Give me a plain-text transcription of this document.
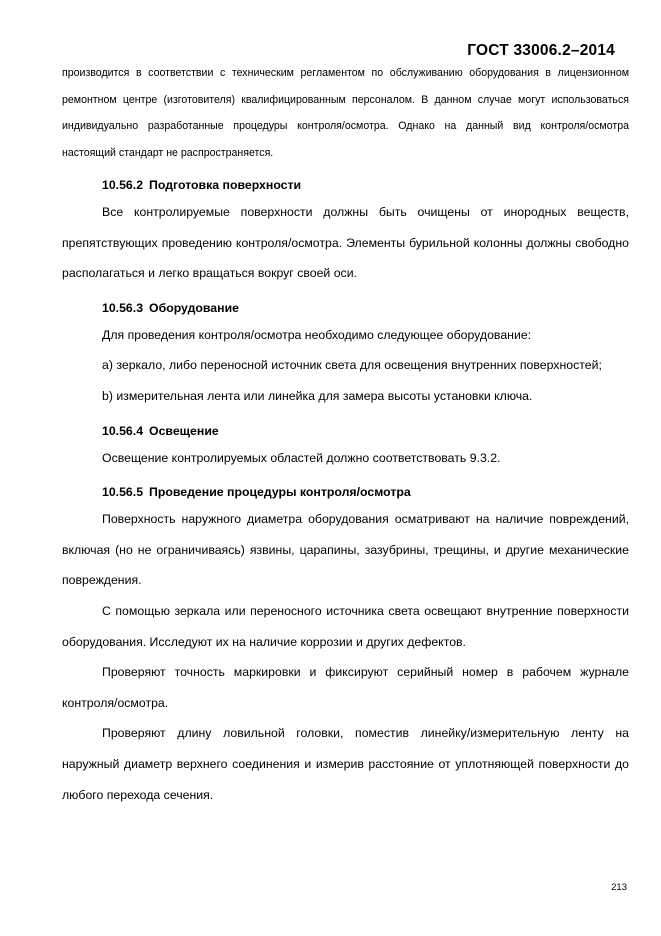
ГОСТ 33006.2–2014

производится в соответствии с техническим регламентом по обслуживанию оборудования в лицензионном

ремонтном центре (изготовителя) квалифицированным персоналом. В данном случае могут использоваться

индивидуально разработанные процедуры контроля/осмотра. Однако на данный вид контроля/осмотра

настоящий стандарт не распространяется.

10.56.2 Подготовка поверхности

Все контролируемые поверхности должны быть очищены от инородных веществ, препятствующих проведению контроля/осмотра. Элементы бурильной колонны должны свободно располагаться и легко вращаться вокруг своей оси.

10.56.3 Оборудование

Для проведения контроля/осмотра необходимо следующее оборудование:

a) зеркало, либо переносной источник света для освещения внутренних поверхностей;

b) измерительная лента или линейка для замера высоты установки ключа.

10.56.4 Освещение

Освещение контролируемых областей должно соответствовать 9.3.2.

10.56.5 Проведение процедуры контроля/осмотра

Поверхность наружного диаметра оборудования осматривают на наличие повреждений, включая (но не ограничиваясь) язвины, царапины, зазубрины, трещины, и другие механические повреждения.

С помощью зеркала или переносного источника света освещают внутренние поверхности оборудования. Исследуют их на наличие коррозии и других дефектов.

Проверяют точность маркировки и фиксируют серийный номер в рабочем журнале контроля/осмотра.

Проверяют длину ловильной головки, поместив линейку/измерительную ленту на наружный диаметр верхнего соединения и измерив расстояние от уплотняющей поверхности до любого перехода сечения.

213
